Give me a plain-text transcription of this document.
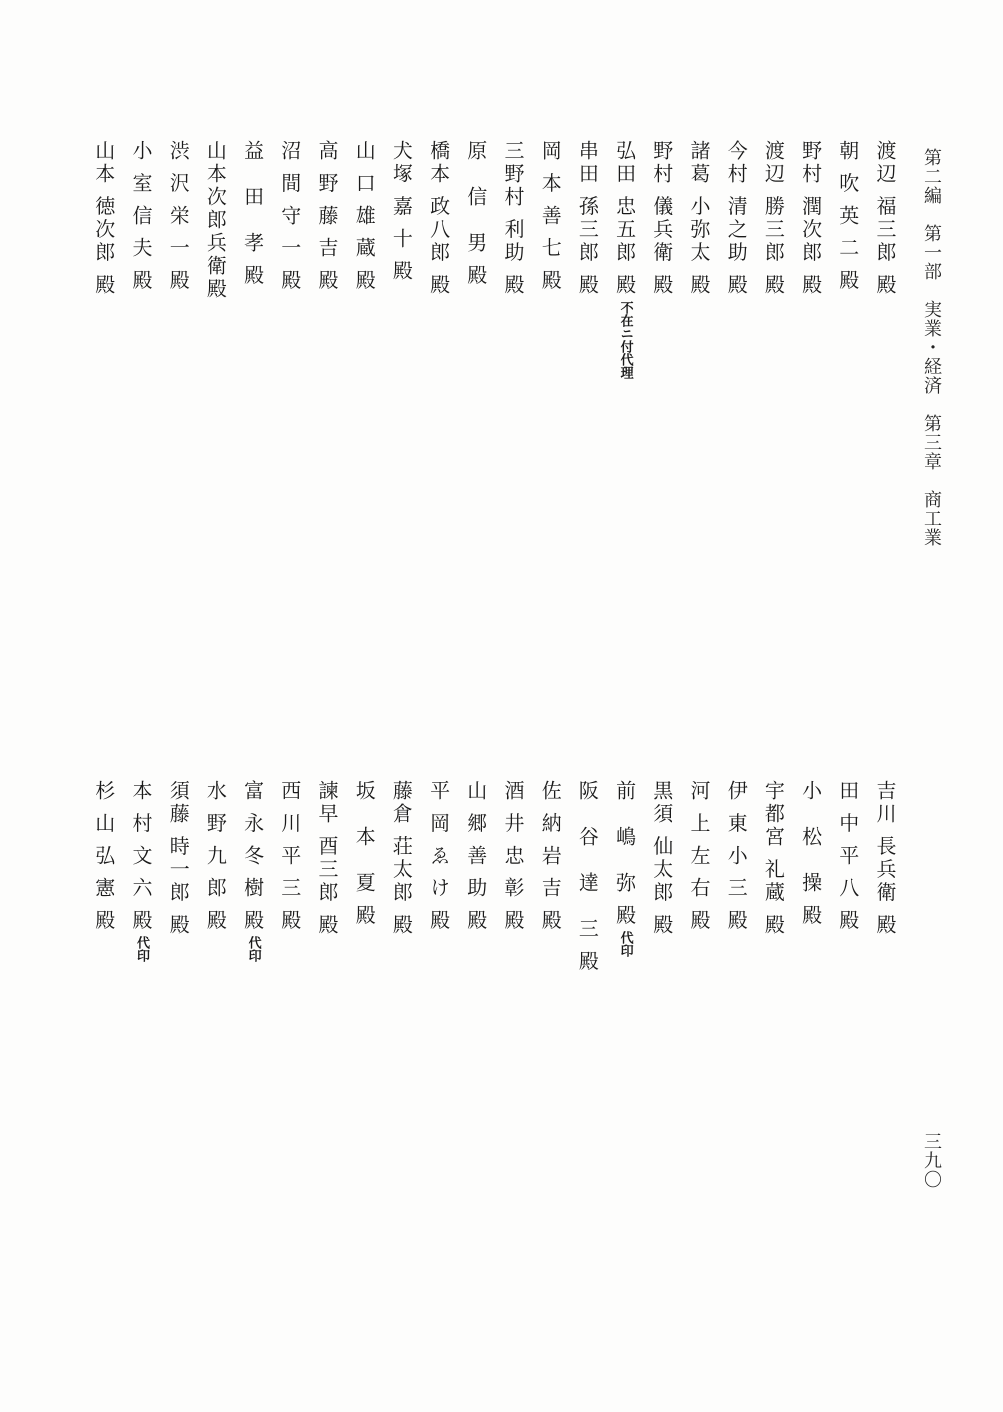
第二編　第一部　実業・経済　第三章　商工業
渡辺 福三郎 殿
朝 吹 英 二 殿
野村 潤次郎 殿
渡辺 勝三郎 殿
今村 清之助 殿
諸葛 小弥太 殿
野村 儀兵衛 殿
弘田 忠五郎 殿不在ニ付代理
串田 孫三郎 殿
岡 本 善 七 殿
三野村 利助 殿
原　信　男 殿
橋本 政八郎 殿
犬塚 嘉 十 殿
山 口 雄 蔵 殿
高 野 藤 吉 殿
沼 間 守 一 殿
益　田　孝 殿
山本次郎兵衛殿
渋 沢 栄 一 殿
小 室 信 夫 殿
山本 徳次郎 殿
吉川 長兵衛 殿
田 中 平 八 殿
小　松　操 殿
宇都宮 礼蔵 殿
伊 東 小 三 殿
河 上 左 右 殿
黒須 仙太郎 殿
前　嶋　弥 殿代印
阪　谷　達　三 殿
佐 納 岩 吉 殿
酒 井 忠 彰 殿
山 郷 善 助 殿
平 岡 ゑ け 殿
藤倉 荘太郎 殿
坂　本　夏 殿
諫早 酉三郎 殿
西 川 平 三 殿
富 永 冬 樹 殿代印
水 野 九 郎 殿
須藤 時一郎 殿
本 村 文 六 殿代印
杉 山 弘 憲 殿
三九〇
